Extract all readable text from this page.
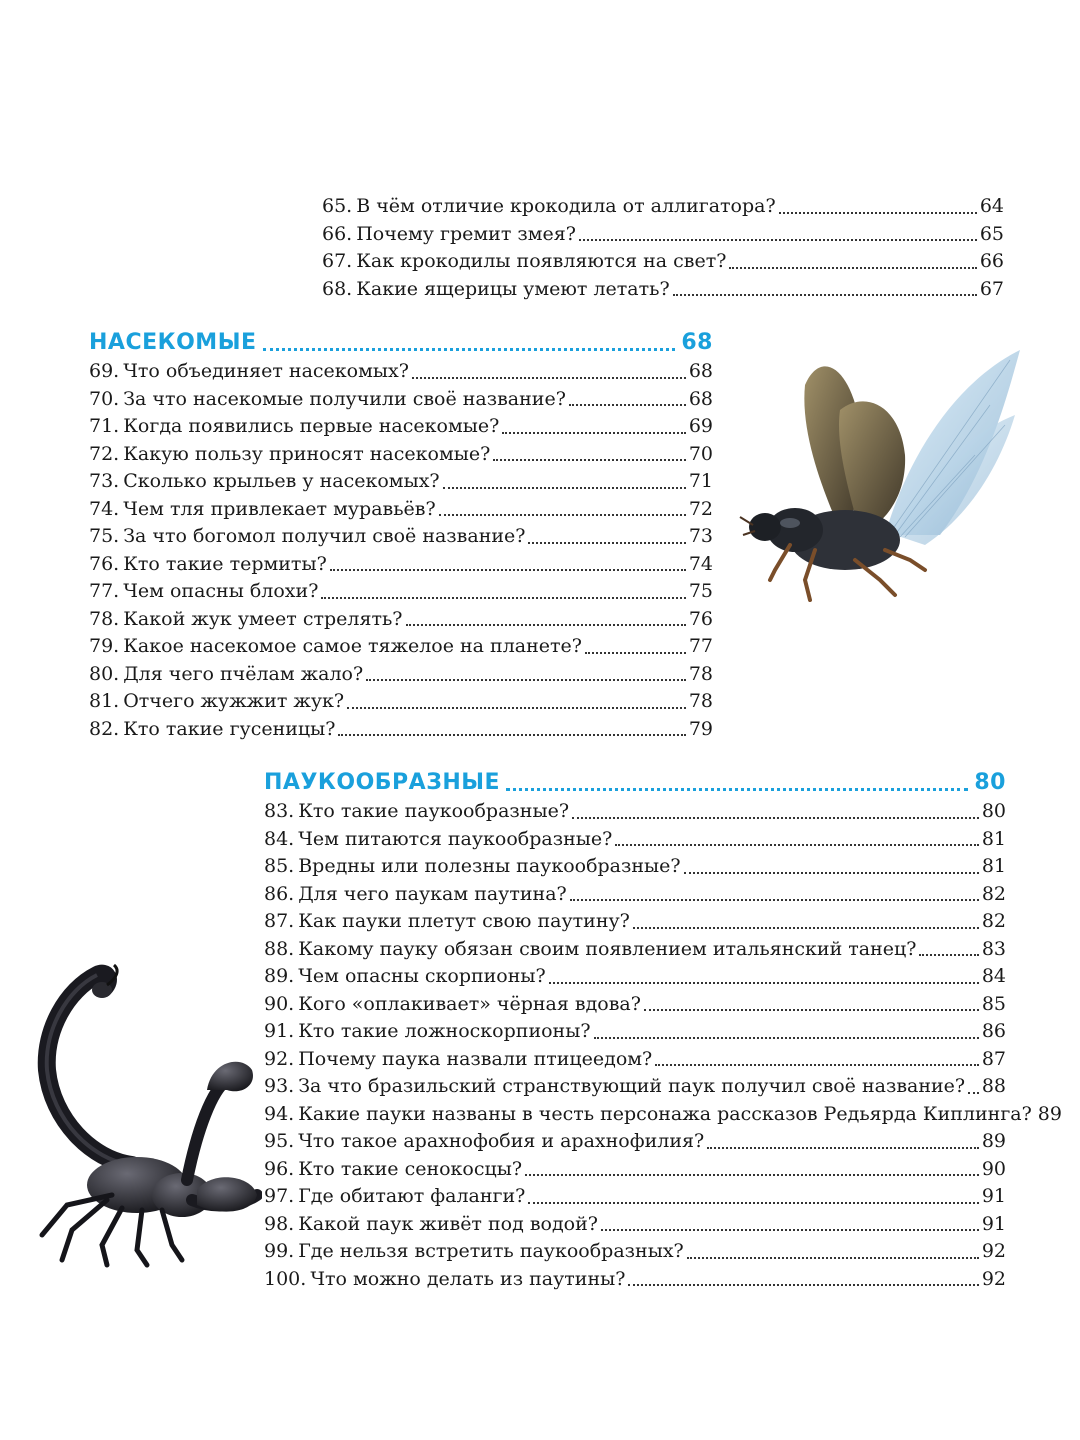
65. В чём отличие крокодила от аллигатора?	64
66. Почему гремит змея?	65
67. Как крокодилы появляются на свет?	66
68. Какие ящерицы умеют летать?	67
НАСЕКОМЫЕ	68
69. Что объединяет насекомых?	68
70. За что насекомые получили своё название?	68
71. Когда появились первые насекомые?	69
72. Какую пользу приносят насекомые?	70
73. Сколько крыльев у насекомых?	71
74. Чем тля привлекает муравьёв?	72
75. За что богомол получил своё название?	73
76. Кто такие термиты?	74
77. Чем опасны блохи?	75
78. Какой жук умеет стрелять?	76
79. Какое насекомое самое тяжелое на планете?	77
80. Для чего пчёлам жало?	78
81. Отчего жужжит жук?	78
82. Кто такие гусеницы?	79
ПАУКООБРАЗНЫЕ	80
83. Кто такие паукообразные?	80
84. Чем питаются паукообразные?	81
85. Вредны или полезны паукообразные?	81
86. Для чего паукам паутина?	82
87. Как пауки плетут свою паутину?	82
88. Какому пауку обязан своим появлением итальянский танец?	83
89. Чем опасны скорпионы?	84
90. Кого «оплакивает» чёрная вдова?	85
91. Кто такие ложноскорпионы?	86
92. Почему паука назвали птицеедом?	87
93. За что бразильский странствующий паук получил своё название? 88
94. Какие пауки названы в честь персонажа рассказов Редьярда Киплинга? 89
95. Что такое арахнофобия и арахнофилия?	89
96. Кто такие сенокосцы?	90
97. Где обитают фаланги?	91
98. Какой паук живёт под водой?	91
99. Где нельзя встретить паукообразных?	92
100. Что можно делать из паутины?	92
